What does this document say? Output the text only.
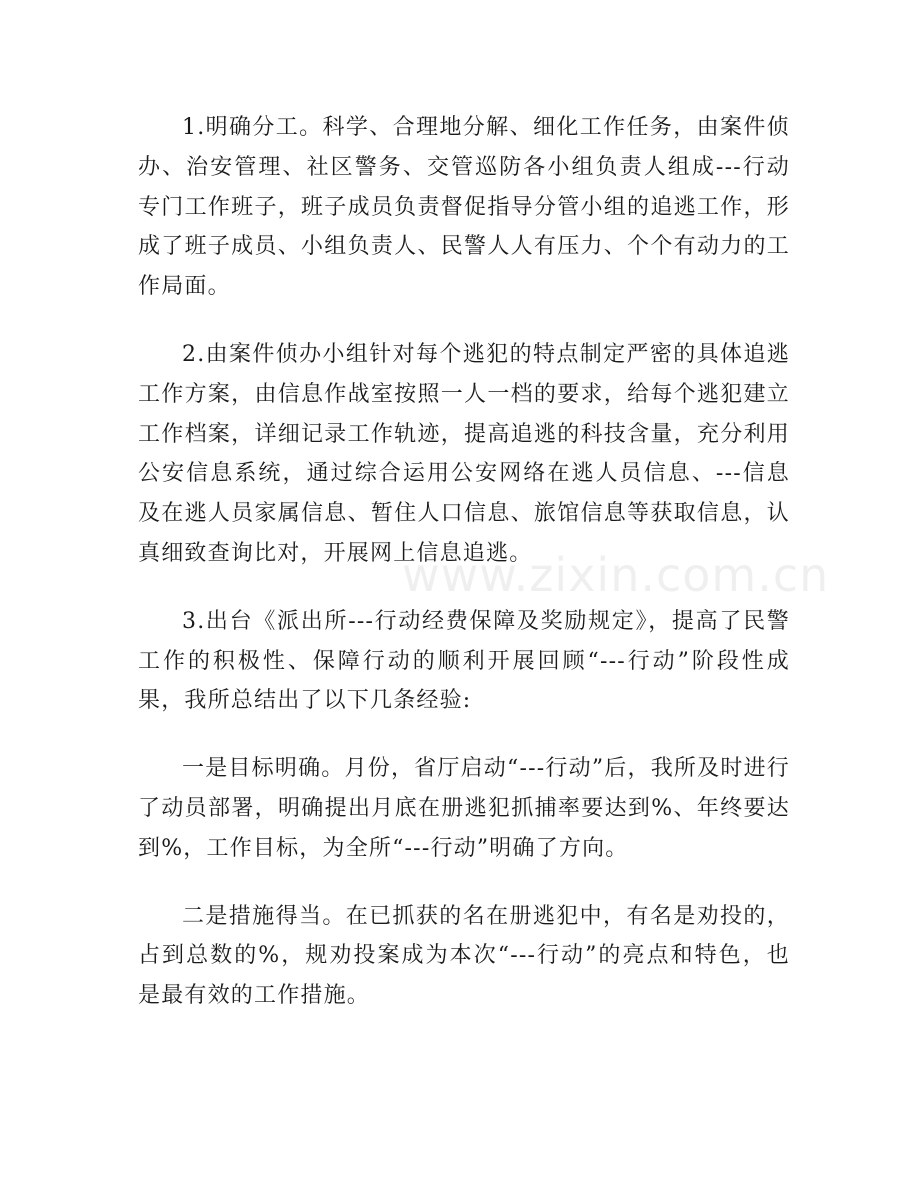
1.明确分工。科学、合理地分解、细化工作任务，由案件侦办、治安管理、社区警务、交管巡防各小组负责人组成---行动专门工作班子，班子成员负责督促指导分管小组的追逃工作，形成了班子成员、小组负责人、民警人人有压力、个个有动力的工作局面。

2.由案件侦办小组针对每个逃犯的特点制定严密的具体追逃工作方案，由信息作战室按照一人一档的要求，给每个逃犯建立工作档案，详细记录工作轨迹，提高追逃的科技含量，充分利用公安信息系统，通过综合运用公安网络在逃人员信息、---信息及在逃人员家属信息、暂住人口信息、旅馆信息等获取信息，认真细致查询比对，开展网上信息追逃。

3.出台《派出所---行动经费保障及奖励规定》，提高了民警工作的积极性、保障行动的顺利开展回顾“---行动”阶段性成果，我所总结出了以下几条经验:

一是目标明确。月份，省厅启动“---行动”后，我所及时进行了动员部署，明确提出月底在册逃犯抓捕率要达到%、年终要达到%，工作目标，为全所“---行动”明确了方向。

二是措施得当。在已抓获的名在册逃犯中，有名是劝投的，占到总数的%，规劝投案成为本次“---行动”的亮点和特色，也是最有效的工作措施。

www.zixin.com.cn
